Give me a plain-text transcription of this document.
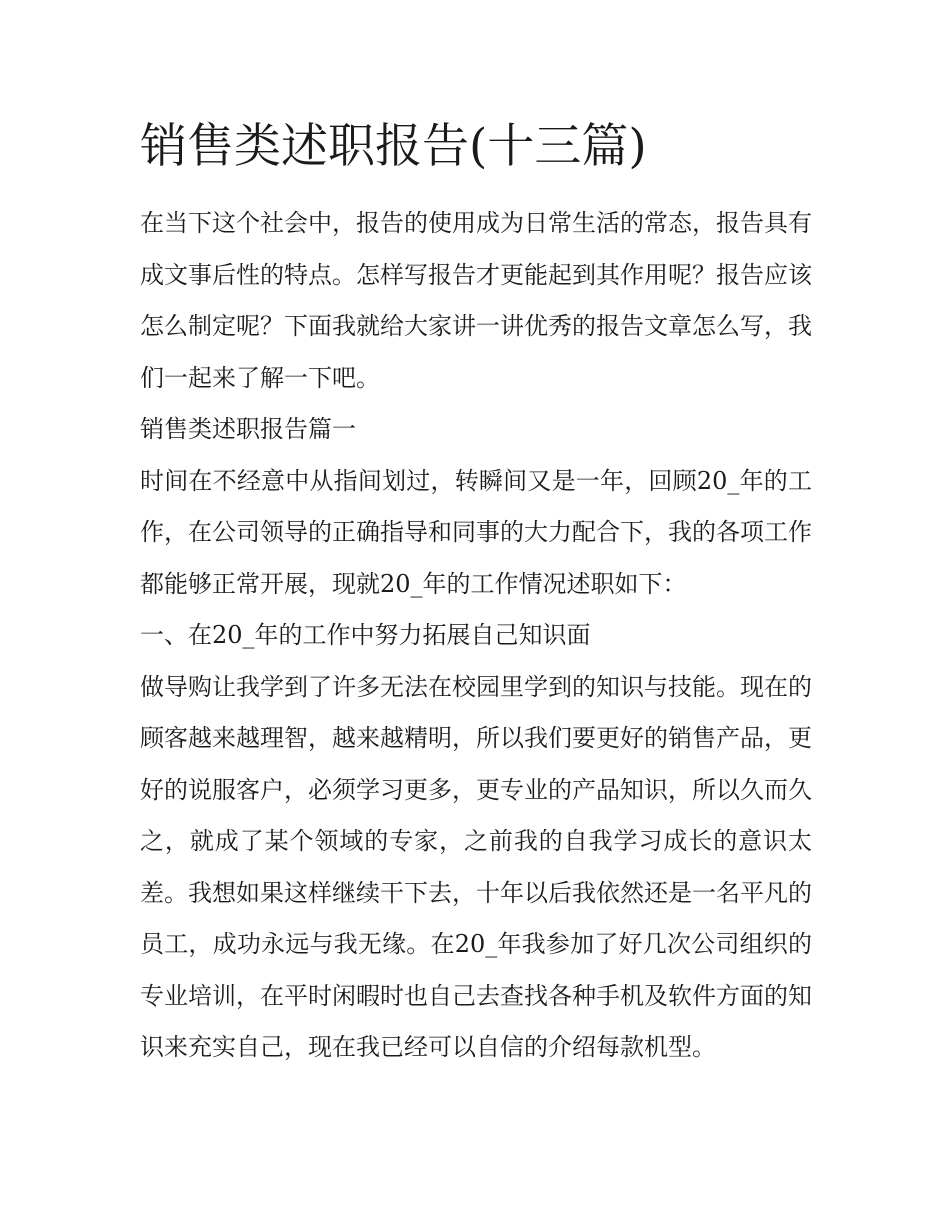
销售类述职报告(十三篇)

在当下这个社会中，报告的使用成为日常生活的常态，报告具有成文事后性的特点。怎样写报告才更能起到其作用呢？报告应该怎么制定呢？下面我就给大家讲一讲优秀的报告文章怎么写，我们一起来了解一下吧。

销售类述职报告篇一

时间在不经意中从指间划过，转瞬间又是一年，回顾20_年的工作，在公司领导的正确指导和同事的大力配合下，我的各项工作都能够正常开展，现就20_年的工作情况述职如下：

一、在20_年的工作中努力拓展自己知识面

做导购让我学到了许多无法在校园里学到的知识与技能。现在的顾客越来越理智，越来越精明，所以我们要更好的销售产品，更好的说服客户，必须学习更多，更专业的产品知识，所以久而久之，就成了某个领域的专家，之前我的自我学习成长的意识太差。我想如果这样继续干下去，十年以后我依然还是一名平凡的员工，成功永远与我无缘。在20_年我参加了好几次公司组织的专业培训，在平时闲暇时也自己去查找各种手机及软件方面的知识来充实自己，现在我已经可以自信的介绍每款机型。
